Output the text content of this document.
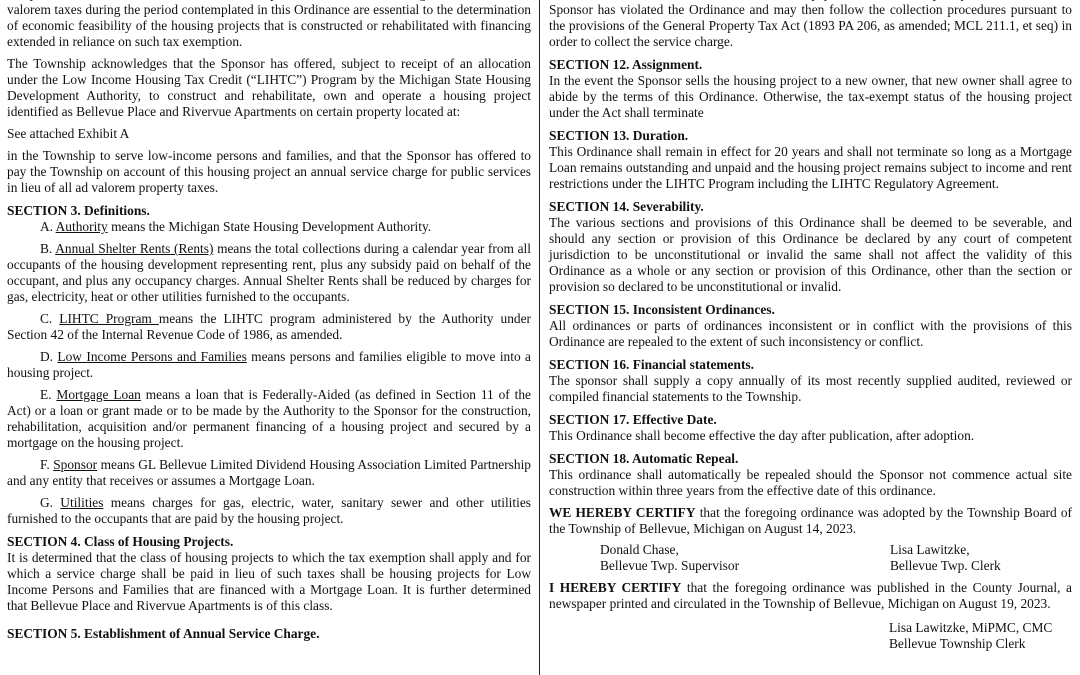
valorem taxes during the period contemplated in this Ordinance are essential to the determination of economic feasibility of the housing projects that is constructed or rehabilitated with financing extended in reliance on such tax exemption.

The Township acknowledges that the Sponsor has offered, subject to receipt of an allocation under the Low Income Housing Tax Credit (“LIHTC”) Program by the Michigan State Housing Development Authority, to construct and rehabilitate, own and operate a housing project identified as Bellevue Place and Rivervue Apartments on certain property located at:

See attached Exhibit A

in the Township to serve low-income persons and families, and that the Sponsor has offered to pay the Township on account of this housing project an annual service charge for public services in lieu of all ad valorem property taxes.

SECTION 3. Definitions.

A. Authority means the Michigan State Housing Development Authority.

B. Annual Shelter Rents (Rents) means the total collections during a calendar year from all occupants of the housing development representing rent, plus any subsidy paid on behalf of the occupant, and plus any occupancy charges. Annual Shelter Rents shall be reduced by charges for gas, electricity, heat or other utilities furnished to the occupants.

C. LIHTC Program means the LIHTC program administered by the Authority under Section 42 of the Internal Revenue Code of 1986, as amended.

D. Low Income Persons and Families means persons and families eligible to move into a housing project.

E. Mortgage Loan means a loan that is Federally-Aided (as defined in Section 11 of the Act) or a loan or grant made or to be made by the Authority to the Sponsor for the construction, rehabilitation, acquisition and/or permanent financing of a housing project and secured by a mortgage on the housing project.

F. Sponsor means GL Bellevue Limited Dividend Housing Association Limited Partnership and any entity that receives or assumes a Mortgage Loan.

G. Utilities means charges for gas, electric, water, sanitary sewer and other utilities furnished to the occupants that are paid by the housing project.

SECTION 4. Class of Housing Projects.

It is determined that the class of housing projects to which the tax exemption shall apply and for which a service charge shall be paid in lieu of such taxes shall be housing projects for Low Income Persons and Families that are financed with a Mortgage Loan. It is further determined that Bellevue Place and Rivervue Apartments is of this class.

SECTION 5. Establishment of Annual Service Charge.

Sponsor has violated the Ordinance and may then follow the collection procedures pursuant to the provisions of the General Property Tax Act (1893 PA 206, as amended; MCL 211.1, et seq) in order to collect the service charge.

SECTION 12. Assignment.

In the event the Sponsor sells the housing project to a new owner, that new owner shall agree to abide by the terms of this Ordinance. Otherwise, the tax-exempt status of the housing project under the Act shall terminate

SECTION 13. Duration.

This Ordinance shall remain in effect for 20 years and shall not terminate so long as a Mortgage Loan remains outstanding and unpaid and the housing project remains subject to income and rent restrictions under the LIHTC Program including the LIHTC Regulatory Agreement.

SECTION 14. Severability.

The various sections and provisions of this Ordinance shall be deemed to be severable, and should any section or provision of this Ordinance be declared by any court of competent jurisdiction to be unconstitutional or invalid the same shall not affect the validity of this Ordinance as a whole or any section or provision of this Ordinance, other than the section or provision so declared to be unconstitutional or invalid.

SECTION 15. Inconsistent Ordinances.

All ordinances or parts of ordinances inconsistent or in conflict with the provisions of this Ordinance are repealed to the extent of such inconsistency or conflict.

SECTION 16. Financial statements.

The sponsor shall supply a copy annually of its most recently supplied audited, reviewed or compiled financial statements to the Township.

SECTION 17. Effective Date.

This Ordinance shall become effective the day after publication, after adoption.

SECTION 18. Automatic Repeal.

This ordinance shall automatically be repealed should the Sponsor not commence actual site construction within three years from the effective date of this ordinance.

WE HEREBY CERTIFY that the foregoing ordinance was adopted by the Township Board of the Township of Bellevue, Michigan on August 14, 2023.

Donald Chase,
Bellevue Twp. Supervisor
Lisa Lawitzke,
Bellevue Twp. Clerk

I HEREBY CERTIFY that the foregoing ordinance was published in the County Journal, a newspaper printed and circulated in the Township of Bellevue, Michigan on August 19, 2023.

Lisa Lawitzke, MiPMC, CMC
Bellevue Township Clerk
